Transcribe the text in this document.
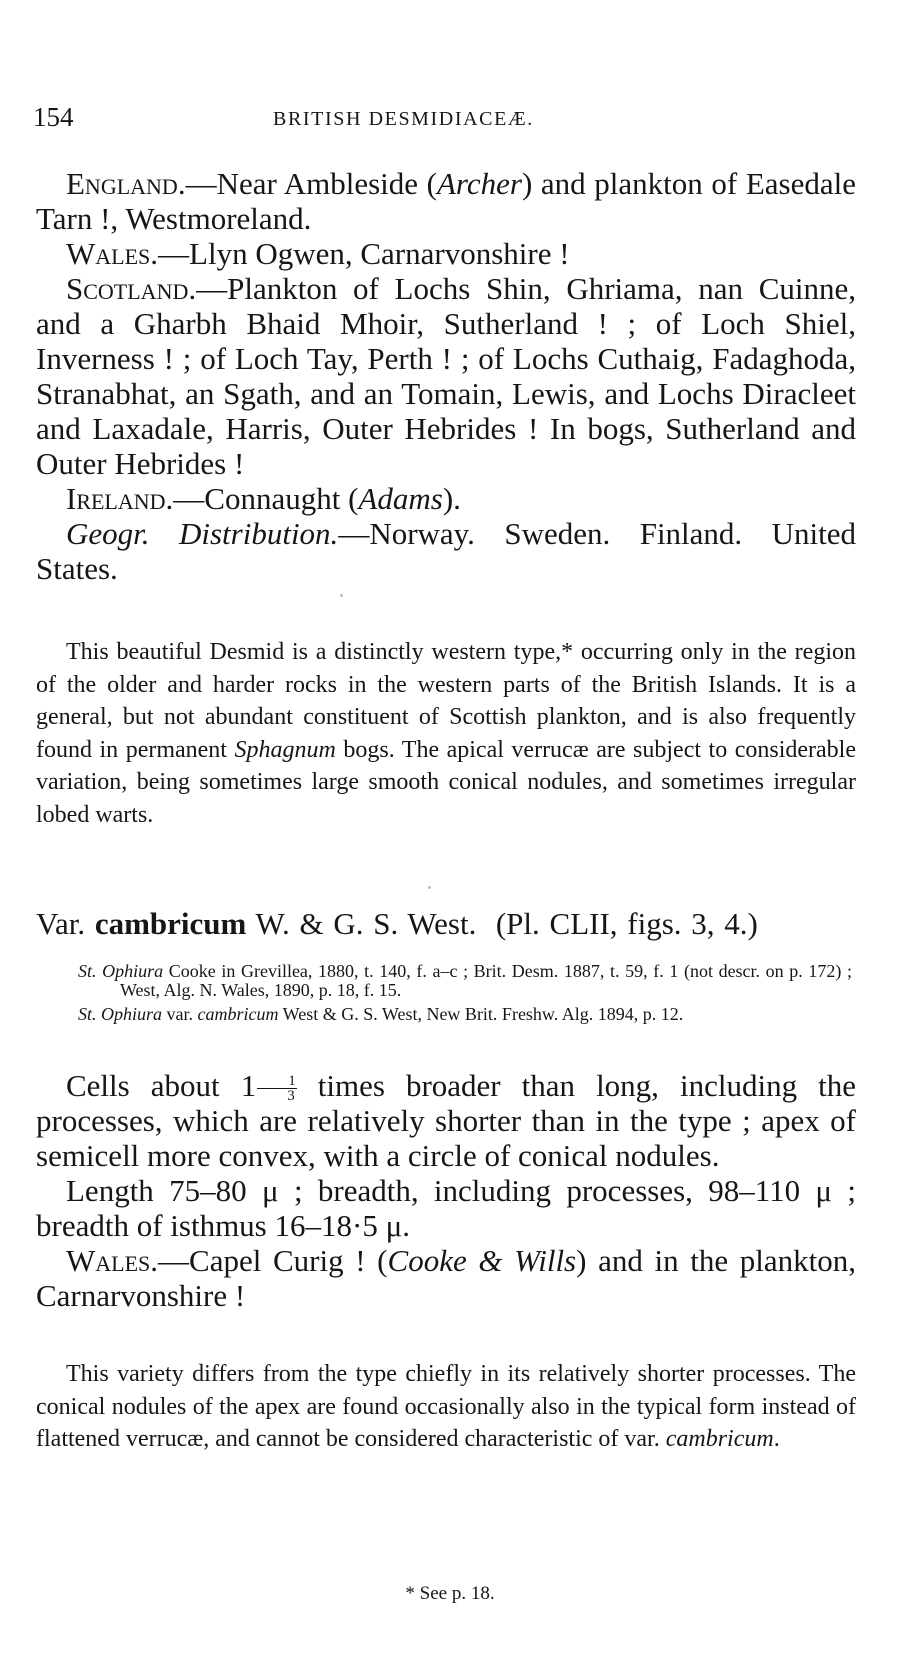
154	BRITISH DESMIDIACEÆ.
England.—Near Ambleside (Archer) and plankton of Easedale Tarn !, Westmoreland.
Wales.—Llyn Ogwen, Carnarvonshire !
Scotland.—Plankton of Lochs Shin, Ghriama, nan Cuinne, and a Gharbh Bhaid Mhoir, Sutherland ! ; of Loch Shiel, Inverness ! ; of Loch Tay, Perth ! ; of Lochs Cuthaig, Fadaghoda, Stranabhat, an Sgath, and an Tomain, Lewis, and Lochs Diracleet and Laxadale, Harris, Outer Hebrides ! In bogs, Sutherland and Outer Hebrides !
Ireland.—Connaught (Adams).
Geogr. Distribution.—Norway. Sweden. Finland. United States.
This beautiful Desmid is a distinctly western type,* occurring only in the region of the older and harder rocks in the western parts of the British Islands. It is a general, but not abundant constituent of Scottish plankton, and is also frequently found in permanent Sphagnum bogs. The apical verrucæ are subject to considerable variation, being sometimes large smooth conical nodules, and sometimes irregular lobed warts.
Var. cambricum W. & G. S. West. (Pl. CLII, figs. 3, 4.)
St. Ophiura Cooke in Grevillea, 1880, t. 140, f. a–c ; Brit. Desm. 1887, t. 59, f. 1 (not descr. on p. 172) ; West, Alg. N. Wales, 1890, p. 18, f. 15.
St. Ophiura var. cambricum West & G. S. West, New Brit. Freshw. Alg. 1894, p. 12.
Cells about $1 \frac{1}{3}$ times broader than long, including the processes, which are relatively shorter than in the type ; apex of semicell more convex, with a circle of conical nodules.
Length 75–80 μ ; breadth, including processes, 98–110 μ ; breadth of isthmus 16–18·5 μ.
Wales.—Capel Curig ! (Cooke & Wills) and in the plankton, Carnarvonshire !
This variety differs from the type chiefly in its relatively shorter processes. The conical nodules of the apex are found occasionally also in the typical form instead of flattened verrucæ, and cannot be considered characteristic of var. cambricum.
* See p. 18.
